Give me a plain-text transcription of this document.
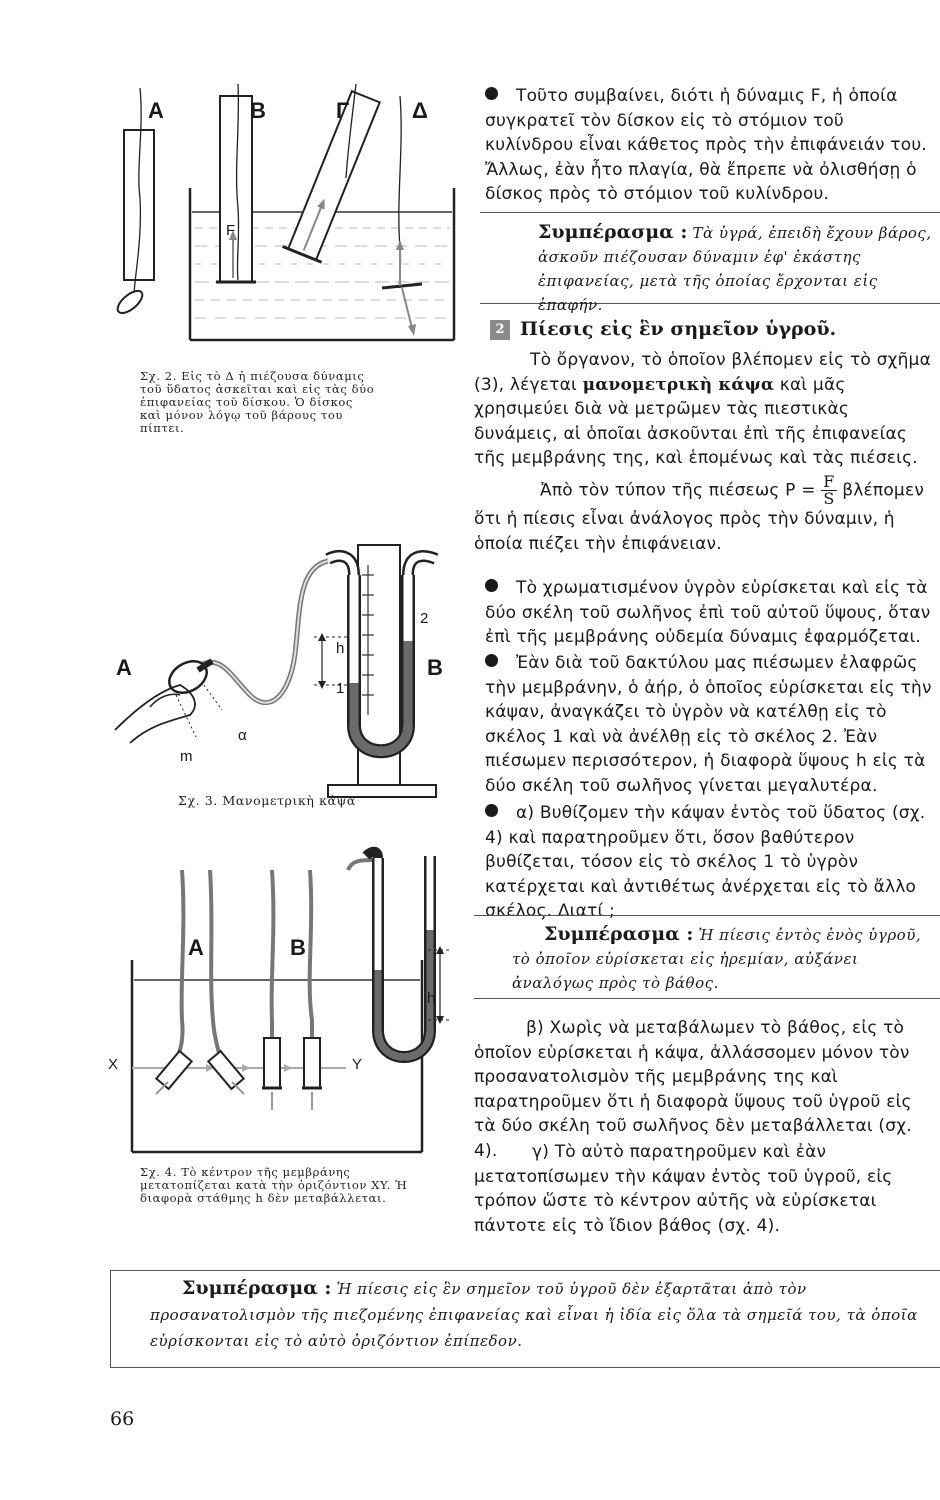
Α	Β	Γ	Δ
F
Σχ. 2. Εἰς τὸ Δ ἡ πιέζουσα δύναμις τοῦ ὕδατος ἀσκεῖται καὶ εἰς τὰς δύο ἐπιφανείας τοῦ δίσκου. Ὁ δίσκος καὶ μόνον λόγῳ τοῦ βάρους του πίπτει.
Α	Β
h
2
1
α
m
Σχ. 3. Μανομετρικὴ κάψα
Α	Β
h
X	Y
Σχ. 4. Τὸ κέντρον τῆς μεμβράνης μετατοπίζεται κατὰ τὴν ὁριζόντιον XY. Ἡ διαφορὰ στάθμης h δὲν μεταβάλλεται.

Τοῦτο συμβαίνει, διότι ἡ δύναμις F, ἡ ὁποία συγκρατεῖ τὸν δίσκον εἰς τὸ στόμιον τοῦ κυλίνδρου εἶναι κάθετος πρὸς τὴν ἐπιφάνειάν του. Ἄλλως, ἐὰν ἦτο πλαγία, θὰ ἔπρεπε νὰ ὀλισθήσῃ ὁ δίσκος πρὸς τὸ στόμιον τοῦ κυλίνδρου.

Συμπέρασμα : Τὰ ὑγρά, ἐπειδὴ ἔχουν βάρος, ἀσκοῦν πιέζουσαν δύναμιν ἐφ' ἑκάστης ἐπιφανείας, μετὰ τῆς ὁποίας ἔρχονται εἰς ἐπαφήν.
2 Πίεσις εἰς ἓν σημεῖον ὑγροῦ.
Τὸ ὄργανον, τὸ ὁποῖον βλέπομεν εἰς τὸ σχῆμα (3), λέγεται μανομετρικὴ κάψα καὶ μᾶς χρησιμεύει διὰ νὰ μετρῶμεν τὰς πιεστικὰς δυνάμεις, αἱ ὁποῖαι ἀσκοῦνται ἐπὶ τῆς ἐπιφανείας τῆς μεμβράνης της, καὶ ἑπομένως καὶ τὰς πιέσεις.
Ἀπὸ τὸν τύπον τῆς πιέσεως $P = \frac{F}{S}$ βλέπομεν ὅτι ἡ πίεσις εἶναι ἀνάλογος πρὸς τὴν δύναμιν, ἡ ὁποία πιέζει τὴν ἐπιφάνειαν.

Τὸ χρωματισμένον ὑγρὸν εὑρίσκεται καὶ εἰς τὰ δύο σκέλη τοῦ σωλῆνος ἐπὶ τοῦ αὐτοῦ ὕψους, ὅταν ἐπὶ τῆς μεμβράνης οὐδεμία δύναμις ἐφαρμόζεται.

Ἐὰν διὰ τοῦ δακτύλου μας πιέσωμεν ἐλαφρῶς τὴν μεμβράνην, ὁ ἀήρ, ὁ ὁποῖος εὑρίσκεται εἰς τὴν κάψαν, ἀναγκάζει τὸ ὑγρὸν νὰ κατέλθῃ εἰς τὸ σκέλος 1 καὶ νὰ ἀνέλθῃ εἰς τὸ σκέλος 2. Ἐὰν πιέσωμεν περισσότερον, ἡ διαφορὰ ὕψους h εἰς τὰ δύο σκέλη τοῦ σωλῆνος γίνεται μεγαλυτέρα.

α) Βυθίζομεν τὴν κάψαν ἐντὸς τοῦ ὕδατος (σχ. 4) καὶ παρατηροῦμεν ὅτι, ὅσον βαθύτερον βυθίζεται, τόσον εἰς τὸ σκέλος 1 τὸ ὑγρὸν κατέρχεται καὶ ἀντιθέτως ἀνέρχεται εἰς τὸ ἄλλο σκέλος. Διατί ;

Συμπέρασμα : Ἡ πίεσις ἐντὸς ἑνὸς ὑγροῦ, τὸ ὁποῖον εὑρίσκεται εἰς ἠρεμίαν, αὐξάνει ἀναλόγως πρὸς τὸ βάθος.
β) Χωρὶς νὰ μεταβάλωμεν τὸ βάθος, εἰς τὸ ὁποῖον εὑρίσκεται ἡ κάψα, ἀλλάσσομεν μόνον τὸν προσανατολισμὸν τῆς μεμβράνης της καὶ παρατηροῦμεν ὅτι ἡ διαφορὰ ὕψους τοῦ ὑγροῦ εἰς τὰ δύο σκέλη τοῦ σωλῆνος δὲν μεταβάλλεται (σχ. 4).	γ) Τὸ αὐτὸ παρατηροῦμεν καὶ ἐὰν μετατοπίσωμεν τὴν κάψαν ἐντὸς τοῦ ὑγροῦ, εἰς τρόπον ὥστε τὸ κέντρον αὐτῆς νὰ εὑρίσκεται πάντοτε εἰς τὸ ἴδιον βάθος (σχ. 4).
Συμπέρασμα : Ἡ πίεσις εἰς ἓν σημεῖον τοῦ ὑγροῦ δὲν ἐξαρτᾶται ἀπὸ τὸν προσανατολισμὸν τῆς πιεζομένης ἐπιφανείας καὶ εἶναι ἡ ἰδία εἰς ὅλα τὰ σημεῖά του, τὰ ὁποῖα εὑρίσκονται εἰς τὸ αὐτὸ ὁριζόντιον ἐπίπεδον.
66
